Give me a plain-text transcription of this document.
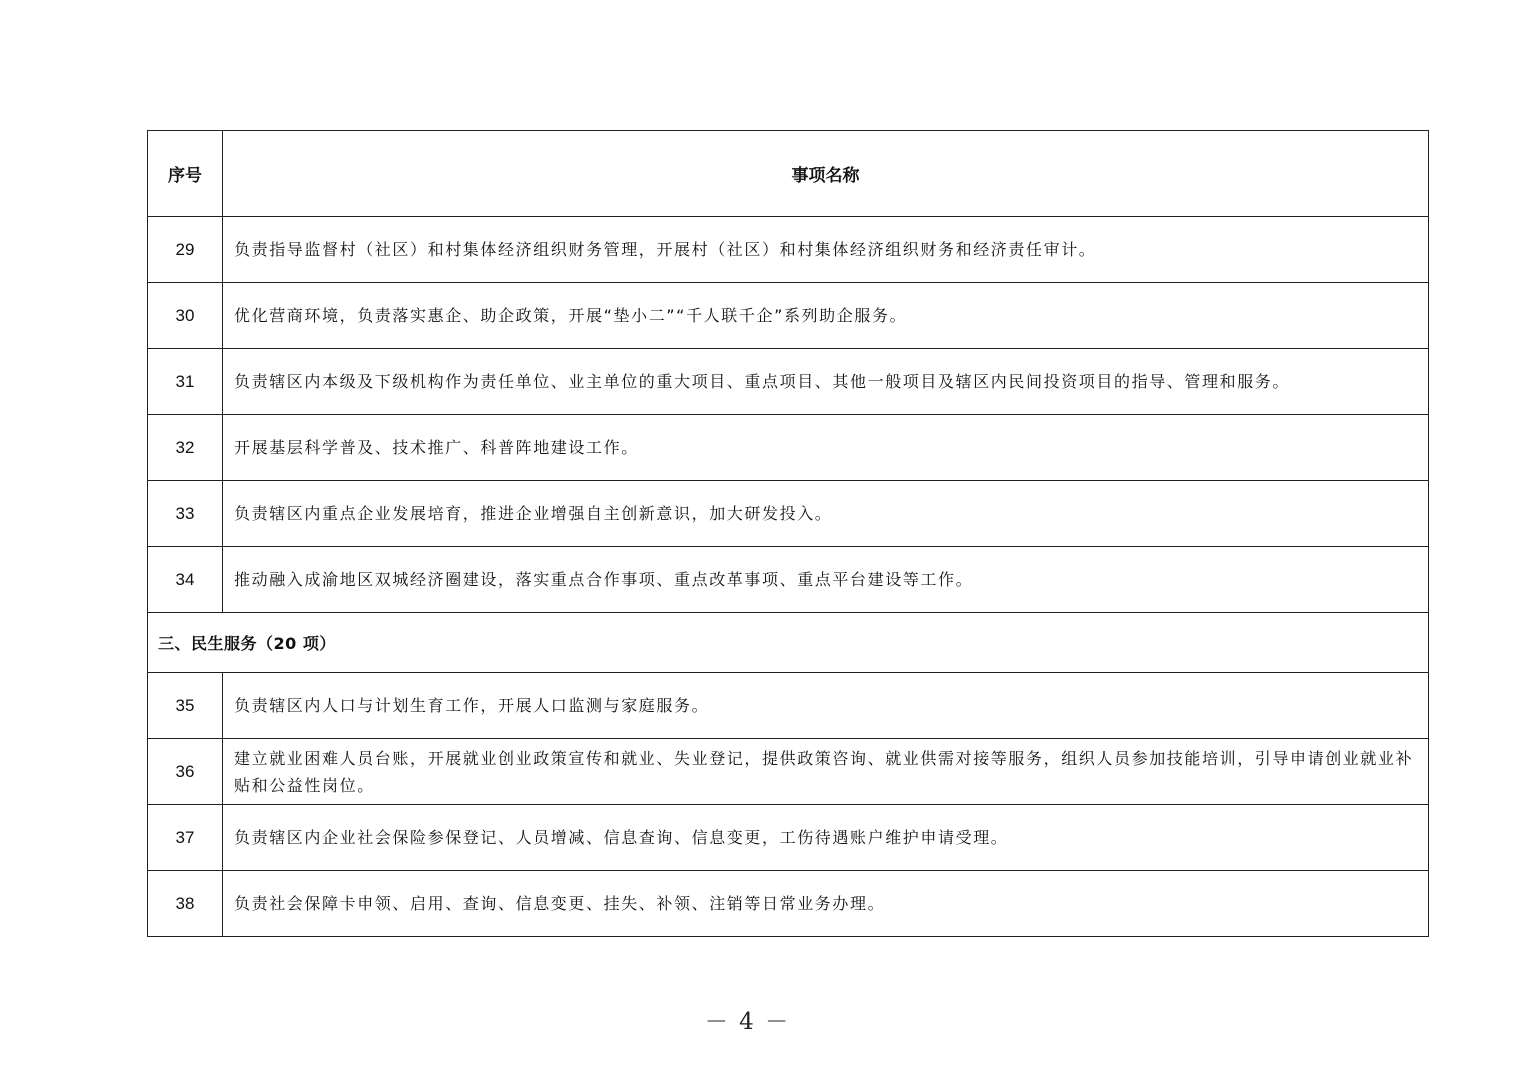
序号	事项名称
29	负责指导监督村（社区）和村集体经济组织财务管理，开展村（社区）和村集体经济组织财务和经济责任审计。
30	优化营商环境，负责落实惠企、助企政策，开展“垫小二”“千人联千企”系列助企服务。
31	负责辖区内本级及下级机构作为责任单位、业主单位的重大项目、重点项目、其他一般项目及辖区内民间投资项目的指导、管理和服务。
32	开展基层科学普及、技术推广、科普阵地建设工作。
33	负责辖区内重点企业发展培育，推进企业增强自主创新意识，加大研发投入。
34	推动融入成渝地区双城经济圈建设，落实重点合作事项、重点改革事项、重点平台建设等工作。
三、民生服务（20 项）	
35	负责辖区内人口与计划生育工作，开展人口监测与家庭服务。
36	建立就业困难人员台账，开展就业创业政策宣传和就业、失业登记，提供政策咨询、就业供需对接等服务，组织人员参加技能培训，引导申请创业就业补贴和公益性岗位。
37	负责辖区内企业社会保险参保登记、人员增减、信息查询、信息变更，工伤待遇账户维护申请受理。
38	负责社会保障卡申领、启用、查询、信息变更、挂失、补领、注销等日常业务办理。
－ 4 －
